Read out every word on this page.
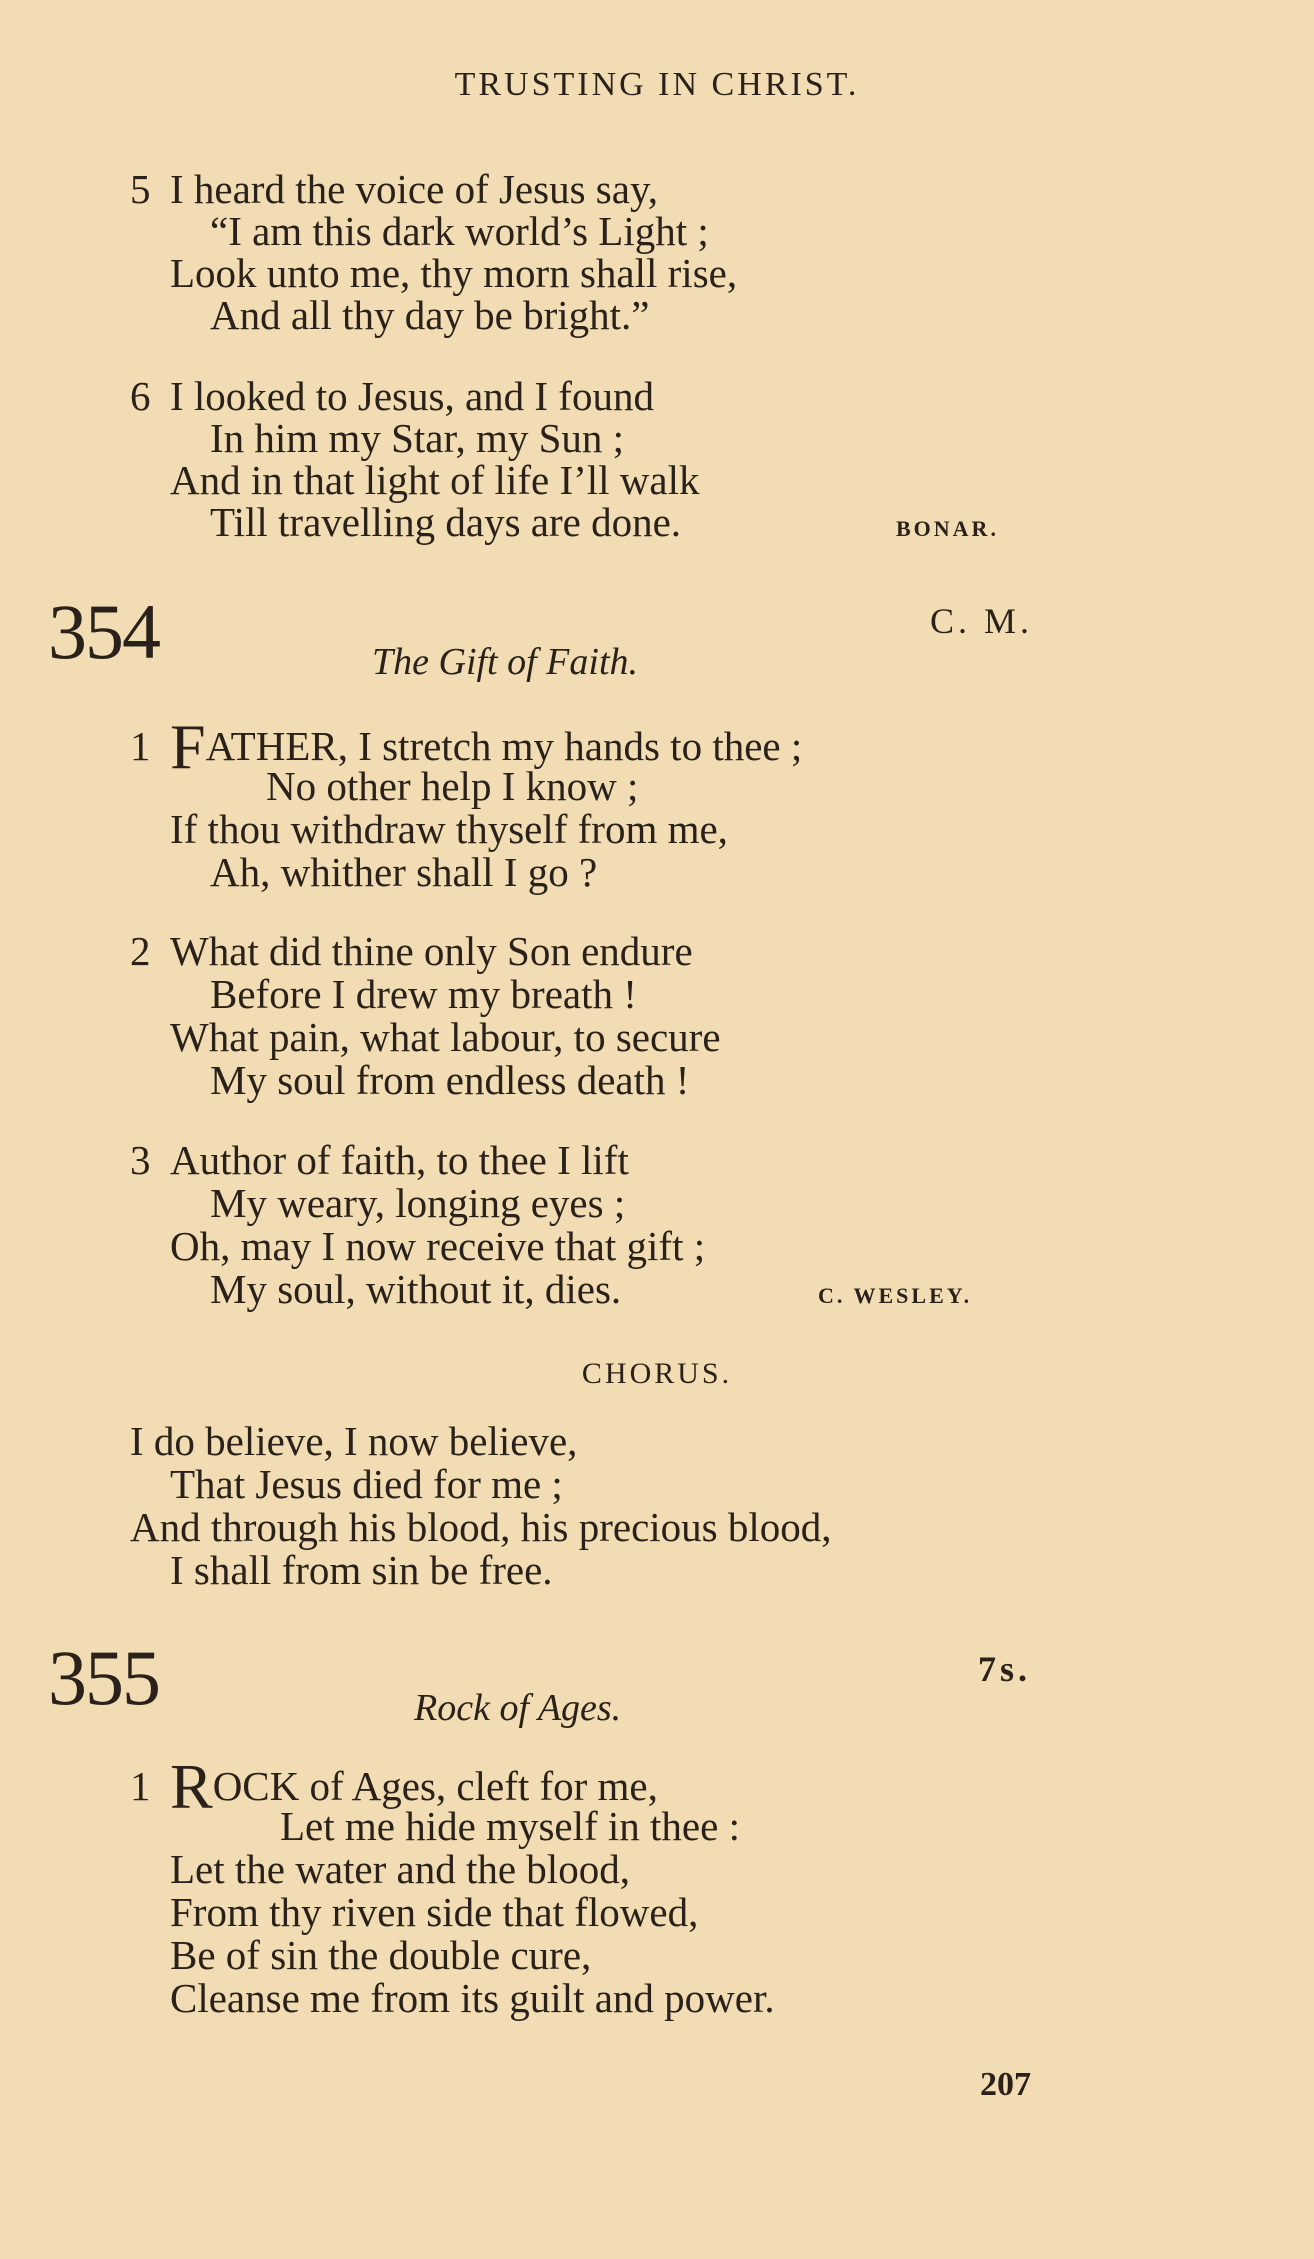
TRUSTING IN CHRIST.
5 I heard the voice of Jesus say,
“I am this dark world’s Light ;
Look unto me, thy morn shall rise,
And all thy day be bright.”
6 I looked to Jesus, and I found
In him my Star, my Sun ;
And in that light of life I’ll walk
Till travelling days are done.	BONAR.
354	C. M.
The Gift of Faith.
1 FATHER, I stretch my hands to thee ;
No other help I know ;
If thou withdraw thyself from me,
Ah, whither shall I go ?
2 What did thine only Son endure
Before I drew my breath !
What pain, what labour, to secure
My soul from endless death !
3 Author of faith, to thee I lift
My weary, longing eyes ;
Oh, may I now receive that gift ;
My soul, without it, dies.	C. WESLEY.
CHORUS.
I do believe, I now believe,
That Jesus died for me ;
And through his blood, his precious blood,
I shall from sin be free.
355	7s.
Rock of Ages.
1 ROCK of Ages, cleft for me,
Let me hide myself in thee :
Let the water and the blood,
From thy riven side that flowed,
Be of sin the double cure,
Cleanse me from its guilt and power.
207
